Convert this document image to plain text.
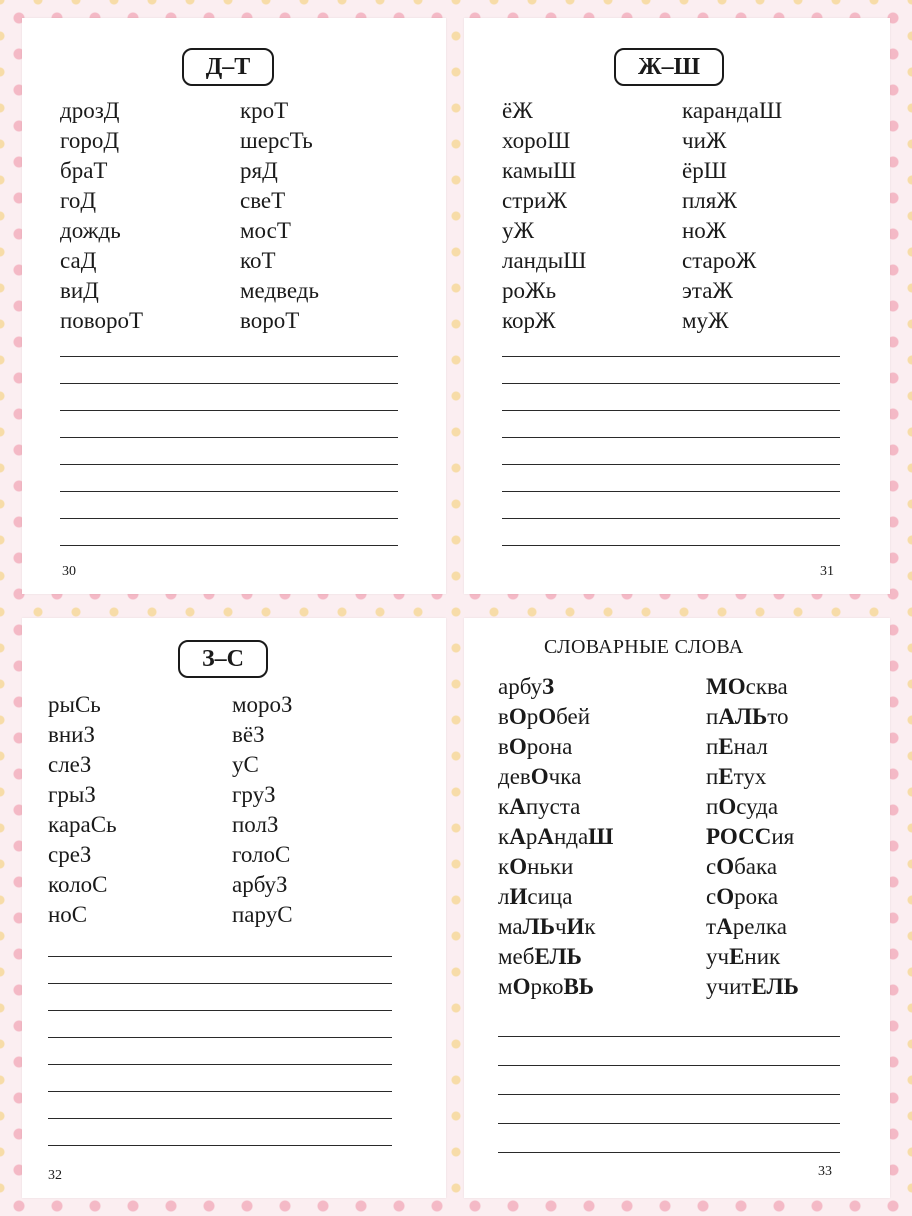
Д–Т
дрозД
гороД
браТ
гоД
дождь
саД
виД
повороТ
кроТ
шерсТь
ряД
свеТ
мосТ
коТ
медведь
вороТ
30
Ж–Ш
ёЖ
хороШ
камыШ
стриЖ
уЖ
ландыШ
роЖь
корЖ
карандаШ
чиЖ
ёрШ
пляЖ
ноЖ
староЖ
этаЖ
муЖ
31
З–С
рыСь
вниЗ
слеЗ
грыЗ
караСь
среЗ
колоС
ноС
мороЗ
вёЗ
уС
груЗ
полЗ
голоС
арбуЗ
паруС
32
СЛОВАРНЫЕ СЛОВА
арбуЗ
вОрОбей
вОрона
девОчка
кАпуста
кАрАндаШ
кОньки
лИсица
маЛЬчИк
мебЕЛЬ
мОркоВЬ
МОсква
пАЛЬто
пЕнал
пЕтух
пОсуда
РОССия
сОбака
сОрока
тАрелка
учЕник
учитЕЛЬ
33
